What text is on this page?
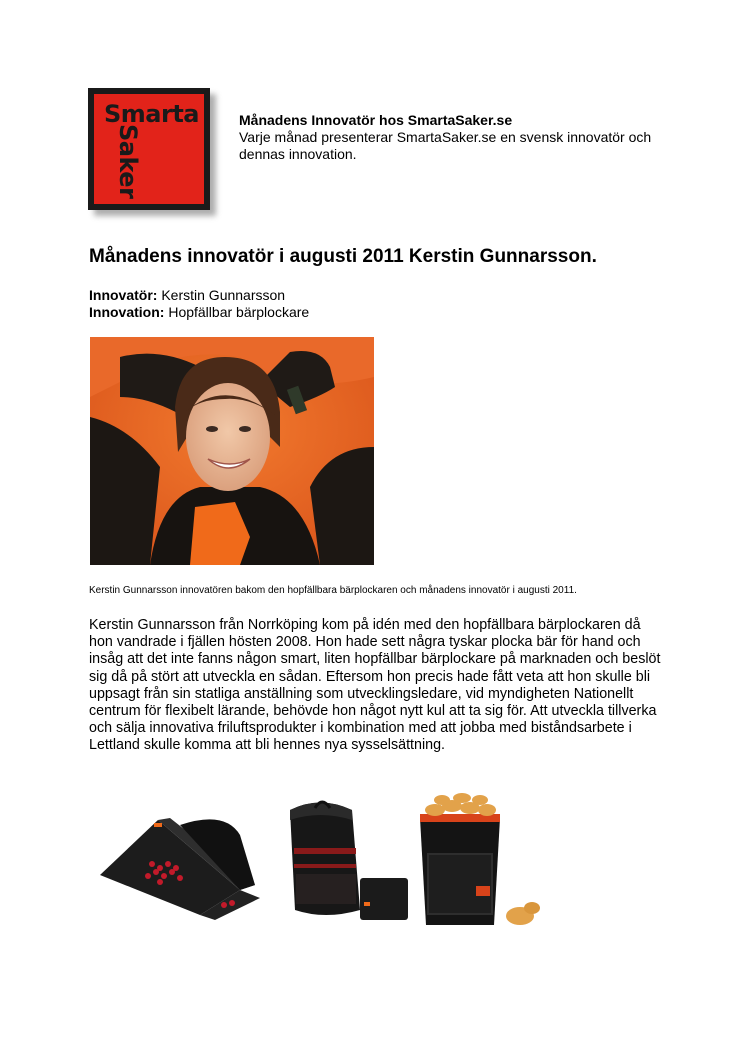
Smarta
Saker
Månadens Innovatör hos SmartaSaker.se
Varje månad presenterar SmartaSaker.se en svensk innovatör och dennas innovation.
Månadens innovatör i augusti 2011 Kerstin Gunnarsson.
Innovatör: Kerstin Gunnarsson
Innovation: Hopfällbar bärplockare
Kerstin Gunnarsson innovatören bakom den hopfällbara bärplockaren och månadens innovatör i augusti 2011.
Kerstin Gunnarsson från Norrköping kom på idén med den hopfällbara bärplockaren då hon vandrade i fjällen hösten 2008. Hon hade sett några tyskar plocka bär för hand och insåg att det inte fanns någon smart, liten hopfällbar bärplockare på marknaden och beslöt sig då på stört att utveckla en sådan. Eftersom hon precis hade fått veta att hon skulle bli uppsagt från sin statliga anställning som utvecklingsledare, vid myndigheten Nationellt centrum för flexibelt lärande, behövde hon något nytt kul att ta sig för. Att utveckla tillverka och sälja innovativa friluftsprodukter i kombination med att jobba med biståndsarbete i Lettland skulle komma att bli hennes nya sysselsättning.
